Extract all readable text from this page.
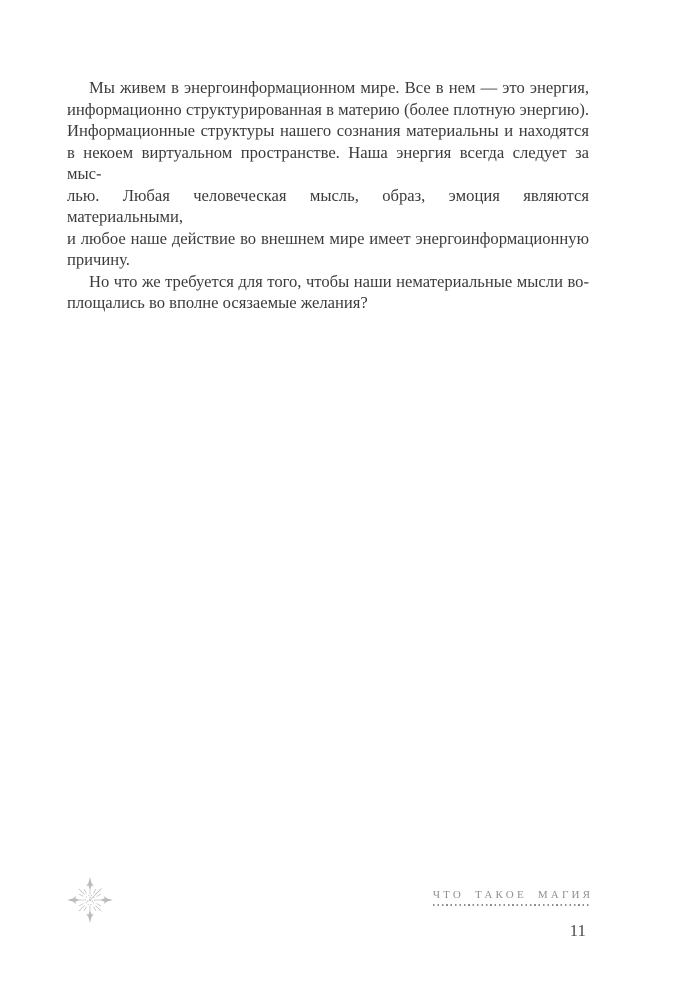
Мы живем в энергоинформационном мире. Все в нем — это энергия,
информационно структурированная в материю (более плотную энергию).
Информационные структуры нашего сознания материальны и находятся
в некоем виртуальном пространстве. Наша энергия всегда следует за мыс-
лью. Любая человеческая мысль, образ, эмоция являются материальными,
и любое наше действие во внешнем мире имеет энергоинформационную
причину.
Но что же требуется для того, чтобы наши нематериальные мысли во-
площались во вполне осязаемые желания?
ЧТО ТАКОЕ МАГИЯ
11
